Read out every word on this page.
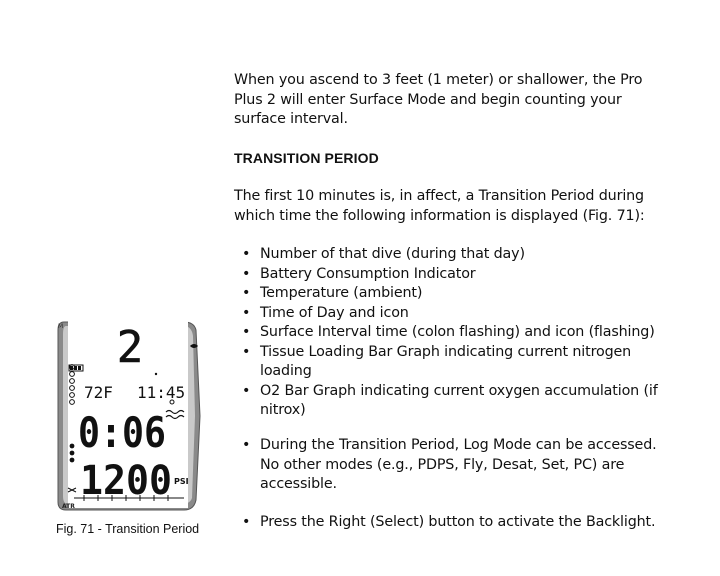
When you ascend to 3 feet (1 meter) or shallower, the Pro Plus 2 will enter Surface Mode and begin counting your surface interval.

TRANSITION PERIOD

The first 10 minutes is, in affect, a Transition Period during which time the following information is displayed (Fig. 71):

• Number of that dive (during that day)
• Battery Consumption Indicator
• Temperature (ambient)
• Time of Day and icon
• Surface Interval time (colon flashing) and icon (flashing)
• Tissue Loading Bar Graph indicating current nitrogen loading
• O2 Bar Graph indicating current oxygen accumulation (if nitrox)
• During the Transition Period, Log Mode can be accessed. No other modes (e.g., PDPS, Fly, Desat, Set, PC) are accessible.
• Press the Right (Select) button to activate the Backlight.
M 2
72F 11:45
0:06
1200 PSI
ATR

Fig. 71 - Transition Period
